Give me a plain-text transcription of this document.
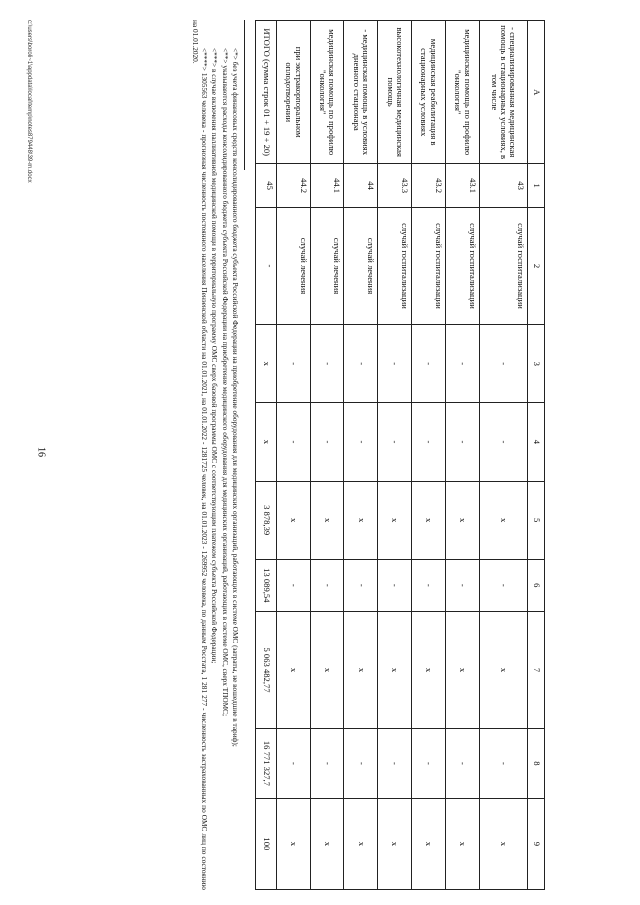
16
А	1	2	3	4	5	6	7	8	9
- специализированная медицинская помощь в стационарных условиях, в том числе	43	случай госпитализации	-	-	х	-	х	-	х
медицинская помощь по профилю "онкология"	43.1	случай госпитализации	-	-	х	-	х	-	х
медицинская реабилитация в стационарных условиях	43.2	случай госпитализации	-	-	х	-	х	-	х
высокотехнологичная медицинская помощь	43.3	случай госпитализации	-	-	х	-	х	-	х
- медицинская помощь в условиях дневного стационара	44	случай лечения	-	-	х	-	х	-	х
медицинская помощь по профилю "онкология"	44.1	случай лечения	-	-	х	-	х	-	х
при экстракорпоральном оплодотворении	44.2	случай лечения	-	-	х	-	х	-	х
ИТОГО (сумма строк 01 + 19 + 20)	45	-	х	х	3 878,39	13 089,54	5 063 482,77	16 771 327,7	100

<*> без учета финансовых средств консолидированного бюджета субъекта Российской Федерации на приобретение оборудования для медицинских организаций, работающих в системе ОМС (затраты, не вошедшие в тариф);

<**> указываются расходы консолидированного бюджета субъекта Российской Федерации на приобретение медицинского оборудования для медицинских организаций, работающих в системе ОМС, сверх ТПОМС;

<***> в случае включения паллиативной медицинской помощи в территориальную программу ОМС сверх базовой программы ОМС с соответствующим платежом субъекта Российской Федерации;

<****> 1305563 человека - прогнозная численность постоянного населения Пензенской области на 01.01.2021, на 01.01.2022 - 1281725 человек, на 01.01.2023 - 1269952 человека, по данным Росстата, 1 281 277 - численность застрахованных по ОМС лиц по состоянию на 01.01.2020.

c:\users\boroli~1\appdata\local\temp\notes879448\39-m.docx
